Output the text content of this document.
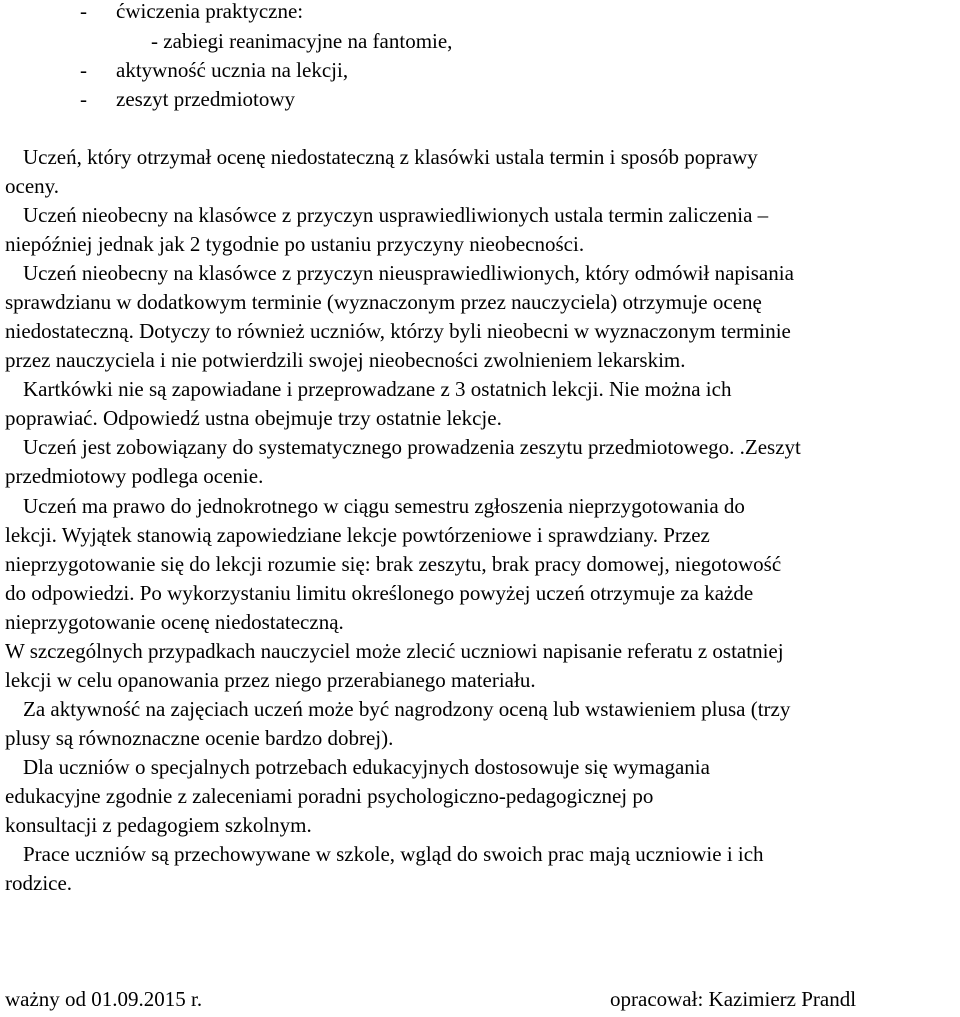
- ćwiczenia praktyczne:
- zabiegi reanimacyjne na fantomie,
- aktywność ucznia na lekcji,
- zeszyt przedmiotowy
Uczeń, który otrzymał ocenę niedostateczną z klasówki ustala termin i sposób poprawy
oceny.
Uczeń nieobecny na klasówce z przyczyn usprawiedliwionych ustala termin zaliczenia –
niepóźniej jednak jak 2 tygodnie po ustaniu przyczyny nieobecności.
Uczeń nieobecny na klasówce z przyczyn nieusprawiedliwionych, który odmówił napisania
sprawdzianu w dodatkowym terminie (wyznaczonym przez nauczyciela) otrzymuje ocenę
niedostateczną. Dotyczy to również uczniów, którzy byli nieobecni w wyznaczonym terminie
przez nauczyciela i nie potwierdzili swojej nieobecności zwolnieniem lekarskim.
Kartkówki nie są zapowiadane i przeprowadzane z 3 ostatnich lekcji. Nie można ich
poprawiać. Odpowiedź ustna obejmuje trzy ostatnie lekcje.
Uczeń jest zobowiązany do systematycznego prowadzenia zeszytu przedmiotowego. .Zeszyt
przedmiotowy podlega ocenie.
Uczeń ma prawo do jednokrotnego w ciągu semestru zgłoszenia nieprzygotowania do
lekcji. Wyjątek stanowią zapowiedziane lekcje powtórzeniowe i sprawdziany. Przez
nieprzygotowanie się do lekcji rozumie się: brak zeszytu, brak pracy domowej, niegotowość
do odpowiedzi. Po wykorzystaniu limitu określonego powyżej uczeń otrzymuje za każde
nieprzygotowanie ocenę niedostateczną.
W szczególnych przypadkach nauczyciel może zlecić uczniowi napisanie referatu z ostatniej
lekcji w celu opanowania przez niego przerabianego materiału.
Za aktywność na zajęciach uczeń może być nagrodzony oceną lub wstawieniem plusa (trzy
plusy są równoznaczne ocenie bardzo dobrej).
Dla uczniów o specjalnych potrzebach edukacyjnych dostosowuje się wymagania
edukacyjne zgodnie z zaleceniami poradni psychologiczno-pedagogicznej po
konsultacji z pedagogiem szkolnym.
Prace uczniów są przechowywane w szkole, wgląd do swoich prac mają uczniowie i ich
rodzice.
ważny od 01.09.2015 r.	opracował: Kazimierz Prandl
